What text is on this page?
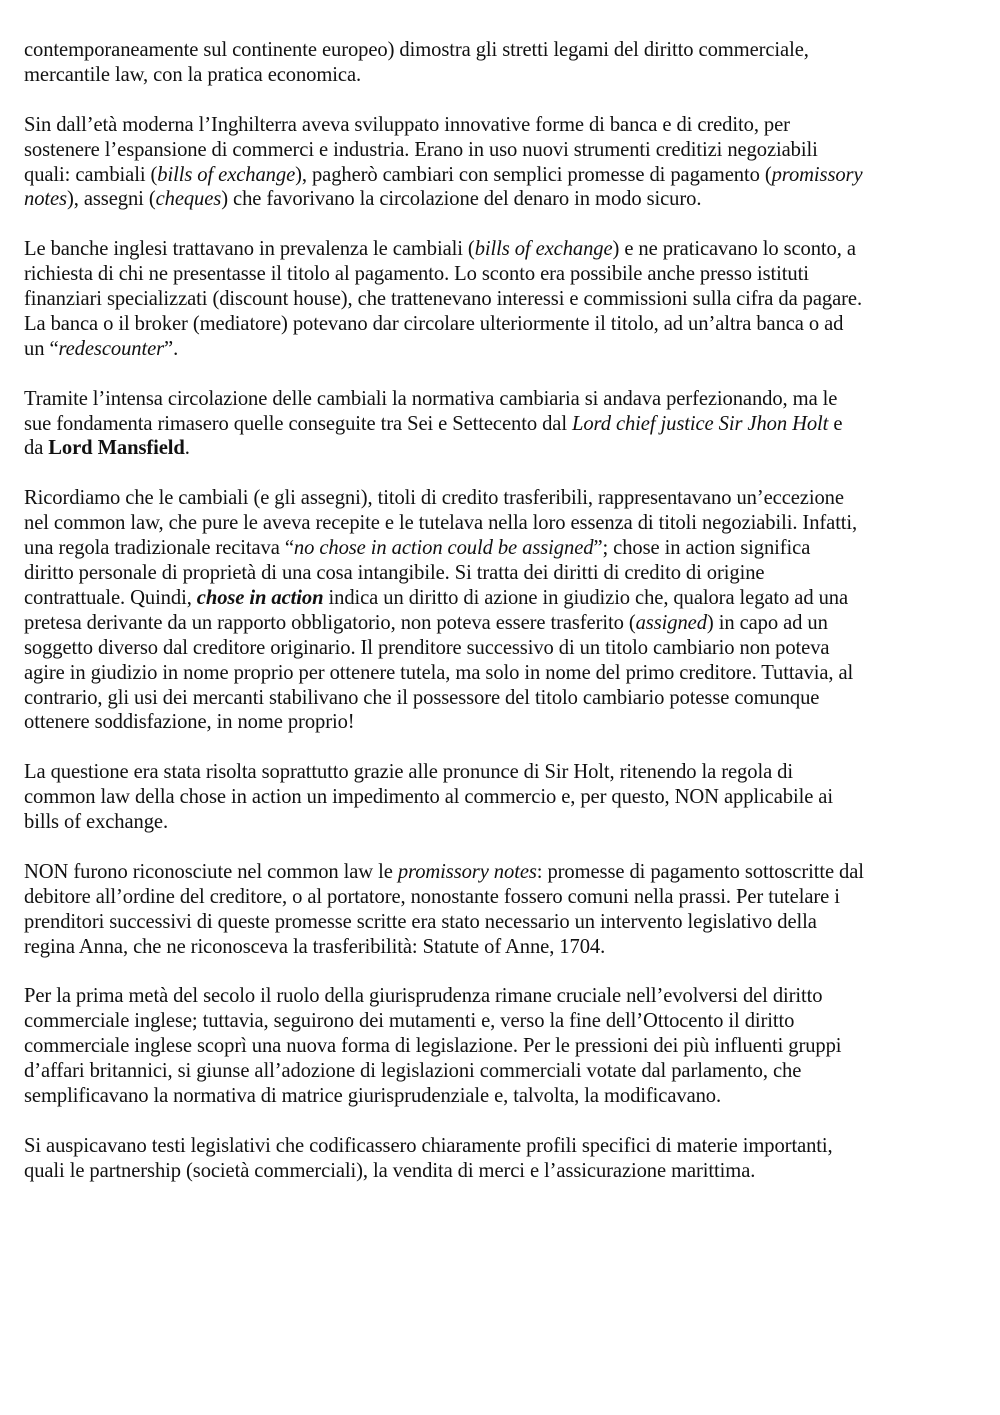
contemporaneamente sul continente europeo) dimostra gli stretti legami del diritto commerciale, mercantile law, con la pratica economica.

Sin dall’età moderna l’Inghilterra aveva sviluppato innovative forme di banca e di credito, per sostenere l’espansione di commerci e industria. Erano in uso nuovi strumenti creditizi negoziabili quali: cambiali (bills of exchange), pagherò cambiari con semplici promesse di pagamento (promissory notes), assegni (cheques) che favorivano la circolazione del denaro in modo sicuro.

Le banche inglesi trattavano in prevalenza le cambiali (bills of exchange) e ne praticavano lo sconto, a richiesta di chi ne presentasse il titolo al pagamento. Lo sconto era possibile anche presso istituti finanziari specializzati (discount house), che trattenevano interessi e commissioni sulla cifra da pagare. La banca o il broker (mediatore) potevano dar circolare ulteriormente il titolo, ad un’altra banca o ad un “redescounter”.

Tramite l’intensa circolazione delle cambiali la normativa cambiaria si andava perfezionando, ma le sue fondamenta rimasero quelle conseguite tra Sei e Settecento dal Lord chief justice Sir Jhon Holt e da Lord Mansfield.

Ricordiamo che le cambiali (e gli assegni), titoli di credito trasferibili, rappresentavano un’eccezione nel common law, che pure le aveva recepite e le tutelava nella loro essenza di titoli negoziabili. Infatti, una regola tradizionale recitava “no chose in action could be assigned”; chose in action significa diritto personale di proprietà di una cosa intangibile. Si tratta dei diritti di credito di origine contrattuale. Quindi, chose in action indica un diritto di azione in giudizio che, qualora legato ad una pretesa derivante da un rapporto obbligatorio, non poteva essere trasferito (assigned) in capo ad un soggetto diverso dal creditore originario. Il prenditore successivo di un titolo cambiario non poteva agire in giudizio in nome proprio per ottenere tutela, ma solo in nome del primo creditore. Tuttavia, al contrario, gli usi dei mercanti stabilivano che il possessore del titolo cambiario potesse comunque ottenere soddisfazione, in nome proprio!

La questione era stata risolta soprattutto grazie alle pronunce di Sir Holt, ritenendo la regola di common law della chose in action un impedimento al commercio e, per questo, NON applicabile ai bills of exchange.

NON furono riconosciute nel common law le promissory notes: promesse di pagamento sottoscritte dal debitore all’ordine del creditore, o al portatore, nonostante fossero comuni nella prassi. Per tutelare i prenditori successivi di queste promesse scritte era stato necessario un intervento legislativo della regina Anna, che ne riconosceva la trasferibilità: Statute of Anne, 1704.

Per la prima metà del secolo il ruolo della giurisprudenza rimane cruciale nell’evolversi del diritto commerciale inglese; tuttavia, seguirono dei mutamenti e, verso la fine dell’Ottocento il diritto commerciale inglese scoprì una nuova forma di legislazione. Per le pressioni dei più influenti gruppi d’affari britannici, si giunse all’adozione di legislazioni commerciali votate dal parlamento, che semplificavano la normativa di matrice giurisprudenziale e, talvolta, la modificavano.

Si auspicavano testi legislativi che codificassero chiaramente profili specifici di materie importanti, quali le partnership (società commerciali), la vendita di merci e l’assicurazione marittima.
